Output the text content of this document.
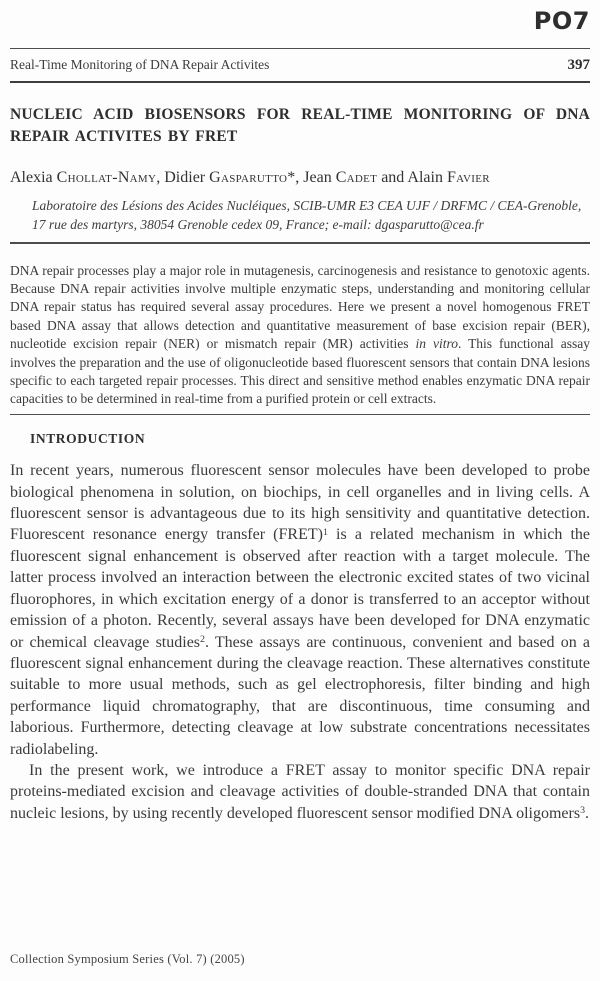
PO7
Real-Time Monitoring of DNA Repair Activites	397
NUCLEIC ACID BIOSENSORS FOR REAL-TIME MONITORING OF DNA REPAIR ACTIVITES BY FRET
Alexia Chollat-Namy, Didier Gasparutto*, Jean Cadet and Alain Favier
Laboratoire des Lésions des Acides Nucléiques, SCIB-UMR E3 CEA UJF / DRFMC / CEA-Grenoble, 17 rue des martyrs, 38054 Grenoble cedex 09, France; e-mail: dgasparutto@cea.fr
DNA repair processes play a major role in mutagenesis, carcinogenesis and resistance to genotoxic agents. Because DNA repair activities involve multiple enzymatic steps, understanding and monitoring cellular DNA repair status has required several assay procedures. Here we present a novel homogenous FRET based DNA assay that allows detection and quantitative measurement of base excision repair (BER), nucleotide excision repair (NER) or mismatch repair (MR) activities in vitro. This functional assay involves the preparation and the use of oligonucleotide based fluorescent sensors that contain DNA lesions specific to each targeted repair processes. This direct and sensitive method enables enzymatic DNA repair capacities to be determined in real-time from a purified protein or cell extracts.
INTRODUCTION

In recent years, numerous fluorescent sensor molecules have been developed to probe biological phenomena in solution, on biochips, in cell organelles and in living cells. A fluorescent sensor is advantageous due to its high sensitivity and quantitative detection. Fluorescent resonance energy transfer (FRET)$^1$ is a related mechanism in which the fluorescent signal enhancement is observed after reaction with a target molecule. The latter process involved an interaction between the electronic excited states of two vicinal fluorophores, in which excitation energy of a donor is transferred to an acceptor without emission of a photon. Recently, several assays have been developed for DNA enzymatic or chemical cleavage studies$^2$. These assays are continuous, convenient and based on a fluorescent signal enhancement during the cleavage reaction. These alternatives constitute suitable to more usual methods, such as gel electrophoresis, filter binding and high performance liquid chromatography, that are discontinuous, time consuming and laborious. Furthermore, detecting cleavage at low substrate concentrations necessitates radiolabeling.

In the present work, we introduce a FRET assay to monitor specific DNA repair proteins-mediated excision and cleavage activities of double-stranded DNA that contain nucleic lesions, by using recently developed fluorescent sensor modified DNA oligomers$^3$.

Collection Symposium Series (Vol. 7) (2005)
